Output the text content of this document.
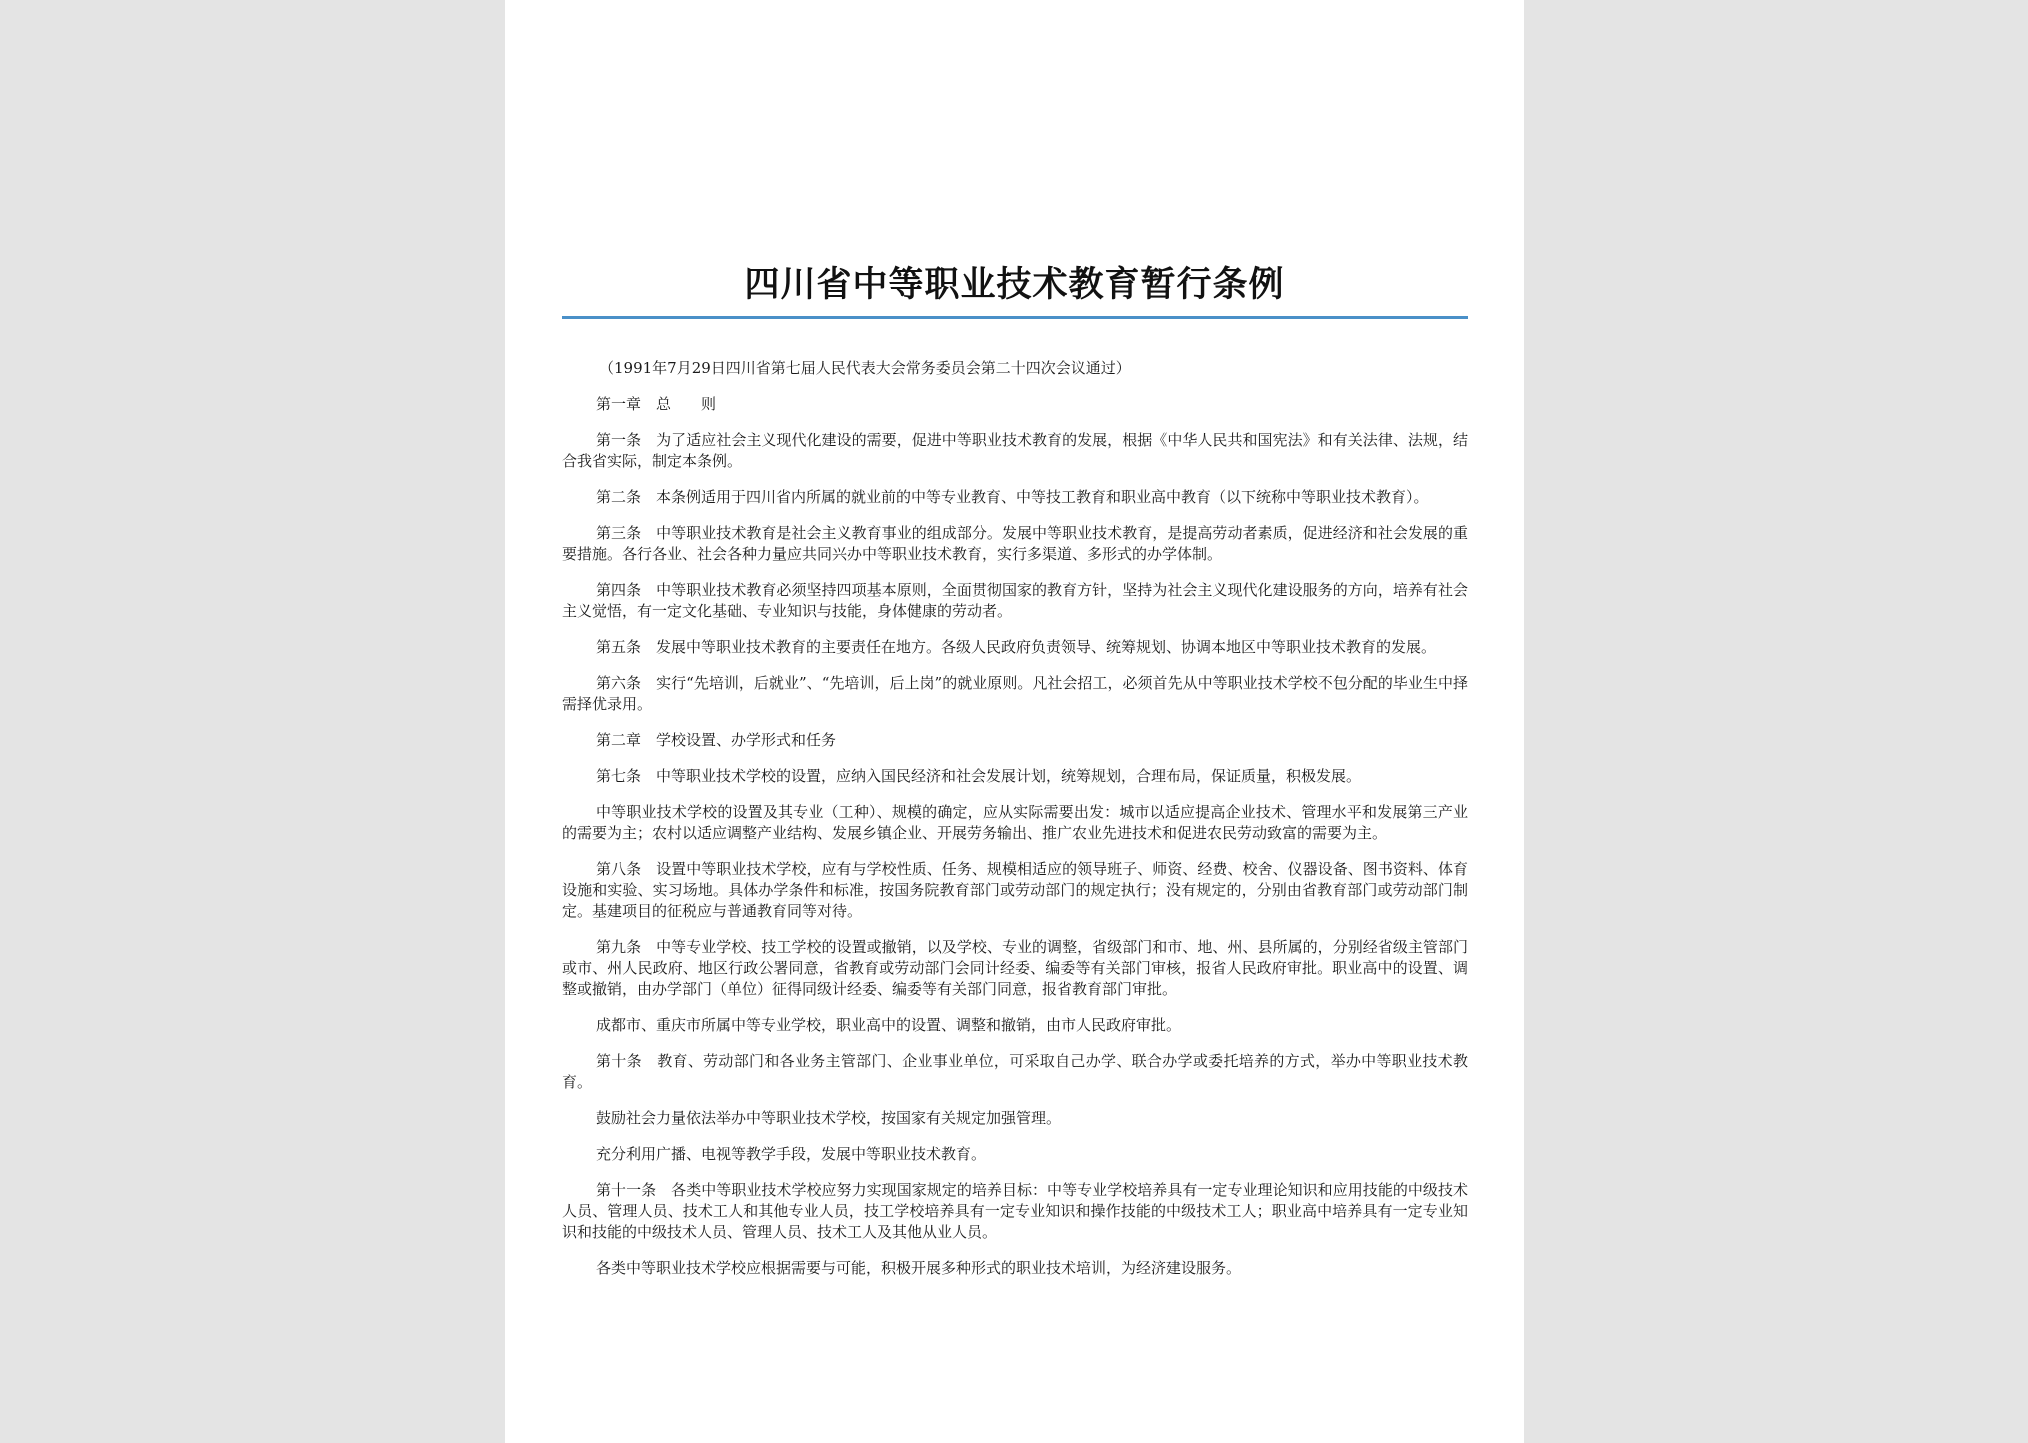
四川省中等职业技术教育暂行条例

（1991年7月29日四川省第七届人民代表大会常务委员会第二十四次会议通过）

第一章　总　　则

第一条　为了适应社会主义现代化建设的需要，促进中等职业技术教育的发展，根据《中华人民共和国宪法》和有关法律、法规，结合我省实际，制定本条例。

第二条　本条例适用于四川省内所属的就业前的中等专业教育、中等技工教育和职业高中教育（以下统称中等职业技术教育）。

第三条　中等职业技术教育是社会主义教育事业的组成部分。发展中等职业技术教育，是提高劳动者素质，促进经济和社会发展的重要措施。各行各业、社会各种力量应共同兴办中等职业技术教育，实行多渠道、多形式的办学体制。

第四条　中等职业技术教育必须坚持四项基本原则，全面贯彻国家的教育方针，坚持为社会主义现代化建设服务的方向，培养有社会主义觉悟，有一定文化基础、专业知识与技能，身体健康的劳动者。

第五条　发展中等职业技术教育的主要责任在地方。各级人民政府负责领导、统筹规划、协调本地区中等职业技术教育的发展。

第六条　实行“先培训，后就业”、“先培训，后上岗”的就业原则。凡社会招工，必须首先从中等职业技术学校不包分配的毕业生中择需择优录用。

第二章　学校设置、办学形式和任务

第七条　中等职业技术学校的设置，应纳入国民经济和社会发展计划，统筹规划，合理布局，保证质量，积极发展。

中等职业技术学校的设置及其专业（工种）、规模的确定，应从实际需要出发：城市以适应提高企业技术、管理水平和发展第三产业的需要为主；农村以适应调整产业结构、发展乡镇企业、开展劳务输出、推广农业先进技术和促进农民劳动致富的需要为主。

第八条　设置中等职业技术学校，应有与学校性质、任务、规模相适应的领导班子、师资、经费、校舍、仪器设备、图书资料、体育设施和实验、实习场地。具体办学条件和标准，按国务院教育部门或劳动部门的规定执行；没有规定的，分别由省教育部门或劳动部门制定。基建项目的征税应与普通教育同等对待。

第九条　中等专业学校、技工学校的设置或撤销，以及学校、专业的调整，省级部门和市、地、州、县所属的，分别经省级主管部门或市、州人民政府、地区行政公署同意，省教育或劳动部门会同计经委、编委等有关部门审核，报省人民政府审批。职业高中的设置、调整或撤销，由办学部门（单位）征得同级计经委、编委等有关部门同意，报省教育部门审批。

成都市、重庆市所属中等专业学校，职业高中的设置、调整和撤销，由市人民政府审批。

第十条　教育、劳动部门和各业务主管部门、企业事业单位，可采取自己办学、联合办学或委托培养的方式，举办中等职业技术教育。

鼓励社会力量依法举办中等职业技术学校，按国家有关规定加强管理。

充分利用广播、电视等教学手段，发展中等职业技术教育。

第十一条　各类中等职业技术学校应努力实现国家规定的培养目标：中等专业学校培养具有一定专业理论知识和应用技能的中级技术人员、管理人员、技术工人和其他专业人员，技工学校培养具有一定专业知识和操作技能的中级技术工人；职业高中培养具有一定专业知识和技能的中级技术人员、管理人员、技术工人及其他从业人员。

各类中等职业技术学校应根据需要与可能，积极开展多种形式的职业技术培训，为经济建设服务。
